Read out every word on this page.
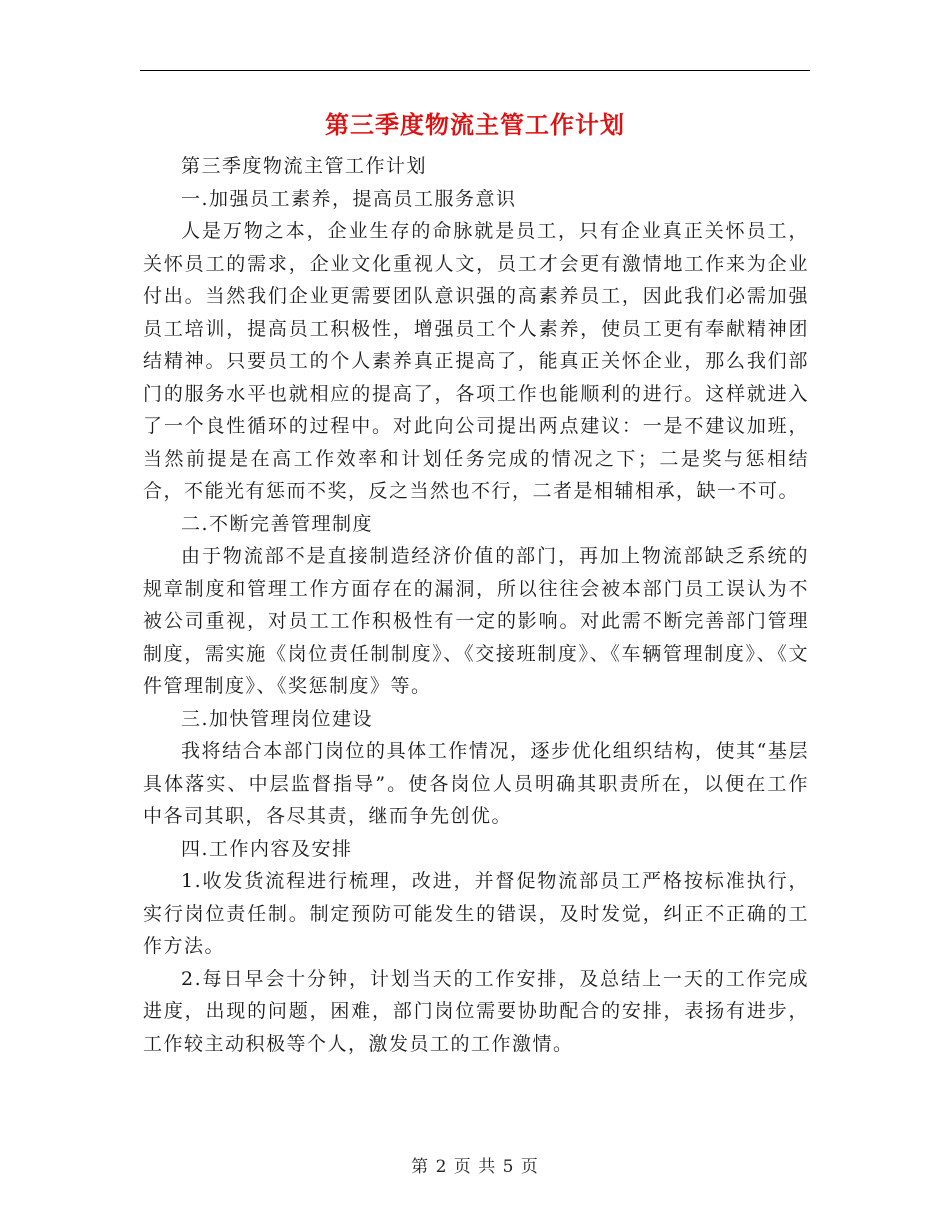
第三季度物流主管工作计划

第三季度物流主管工作计划

一.加强员工素养，提高员工服务意识

人是万物之本，企业生存的命脉就是员工，只有企业真正关怀员工，关怀员工的需求，企业文化重视人文，员工才会更有激情地工作来为企业付出。当然我们企业更需要团队意识强的高素养员工，因此我们必需加强员工培训，提高员工积极性，增强员工个人素养，使员工更有奉献精神团结精神。只要员工的个人素养真正提高了，能真正关怀企业，那么我们部门的服务水平也就相应的提高了，各项工作也能顺利的进行。这样就进入了一个良性循环的过程中。对此向公司提出两点建议：一是不建议加班，当然前提是在高工作效率和计划任务完成的情况之下；二是奖与惩相结合，不能光有惩而不奖，反之当然也不行，二者是相辅相承，缺一不可。

二.不断完善管理制度

由于物流部不是直接制造经济价值的部门，再加上物流部缺乏系统的规章制度和管理工作方面存在的漏洞，所以往往会被本部门员工误认为不被公司重视，对员工工作积极性有一定的影响。对此需不断完善部门管理制度，需实施《岗位责任制制度》、《交接班制度》、《车辆管理制度》、《文件管理制度》、《奖惩制度》等。

三.加快管理岗位建设

我将结合本部门岗位的具体工作情况，逐步优化组织结构，使其“基层具体落实、中层监督指导”。使各岗位人员明确其职责所在，以便在工作中各司其职，各尽其责，继而争先创优。

四.工作内容及安排

1.收发货流程进行梳理，改进，并督促物流部员工严格按标准执行，实行岗位责任制。制定预防可能发生的错误，及时发觉，纠正不正确的工作方法。

2.每日早会十分钟，计划当天的工作安排，及总结上一天的工作完成进度，出现的问题，困难，部门岗位需要协助配合的安排，表扬有进步，工作较主动积极等个人，激发员工的工作激情。

第 2 页 共 5 页
